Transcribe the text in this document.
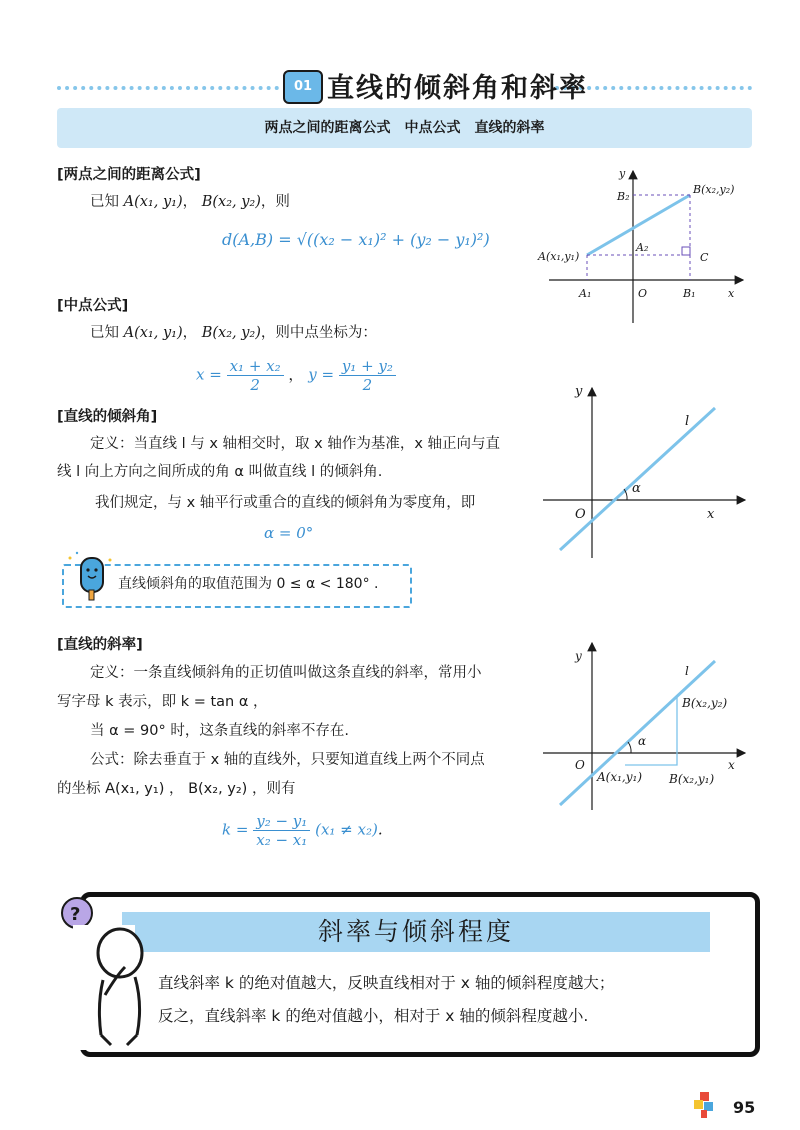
01 直线的倾斜角和斜率
两点之间的距离公式　中点公式　直线的斜率
[两点之间的距离公式]
已知 A(x₁, y₁)， B(x₂, y₂)，则
d(A,B) = √((x₂ − x₁)² + (y₂ − y₁)²)
[中点公式]
已知 A(x₁, y₁)， B(x₂, y₂)，则中点坐标为：
$x = \frac{\text{x₁ + x₂}}{2}$ ， $y = \frac{\text{y₁ + y₂}}{2}$
[直线的倾斜角]
定义：当直线 l 与 x 轴相交时，取 x 轴作为基准，x 轴正向与直
线 l 向上方向之间所成的角 α 叫做直线 l 的倾斜角.
我们规定，与 x 轴平行或重合的直线的倾斜角为零度角，即
α = 0°
直线倾斜角的取值范围为 0 ≤ α < 180° .
[直线的斜率]
定义：一条直线倾斜角的正切值叫做这条直线的斜率，常用小
写字母 k 表示，即 k = tan α ，
当 α = 90° 时，这条直线的斜率不存在.
公式：除去垂直于 x 轴的直线外，只要知道直线上两个不同点
的坐标 A(x₁, y₁) ， B(x₂, y₂) ，则有
$k = \frac{\text{y₂ − y₁}}{\text{x₂ − x₁}} (x_1 \ne x_2)$.
y
x
O
B₂
A₂
A₁	B₁
A(x₁,y₁)
B(x₂,y₂)
C
y
x
O
l
α
y
x
O
l
α
A(x₁,y₁)
B(x₂,y₂)
B(x₂,y₁)
斜率与倾斜程度
?
直线斜率 k 的绝对值越大，反映直线相对于 x 轴的倾斜程度越大；
反之，直线斜率 k 的绝对值越小，相对于 x 轴的倾斜程度越小.
95
